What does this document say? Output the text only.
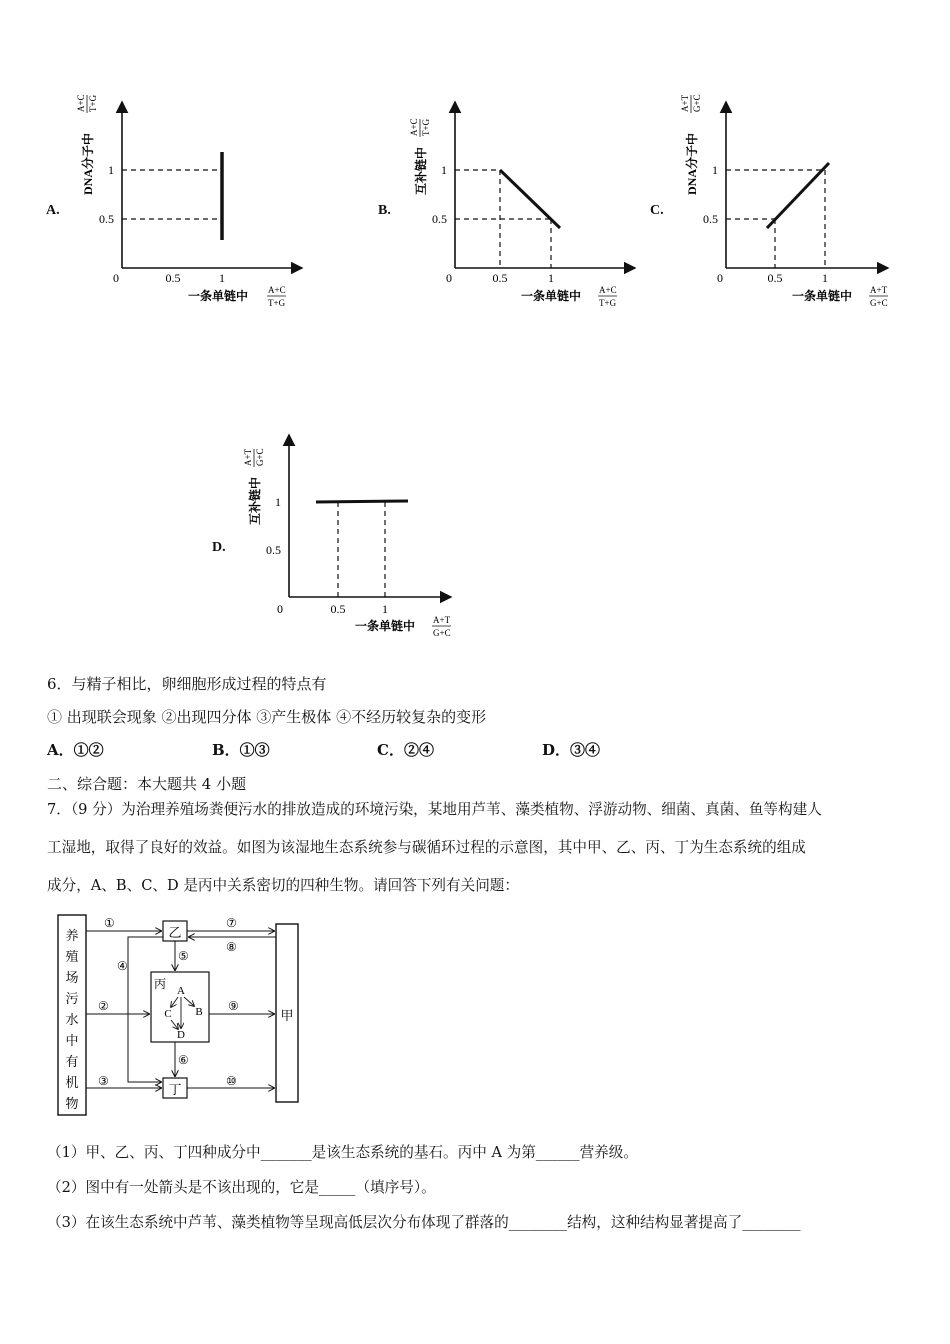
A.
1
0.5
0	0.5	1
DNA分子中
A+C T+G
一条单链中 A+C
T+G
B.
1
0.5
0	0.5	1
互补链中
A+C T+G
一条单链中 A+C
T+G
C.
1
0.5
0	0.5	1
DNA分子中
A+T G+C
一条单链中 A+T
G+C
D.
1
0.5
0	0.5	1
互补链中
A+T G+C
一条单链中 A+T
G+C
6．与精子相比，卵细胞形成过程的特点有
① 出现联会现象 ②出现四分体 ③产生极体 ④不经历较复杂的变形
A．①②	B．①③	C．②④	D．③④
二、综合题：本大题共 4 小题
7．（9 分）为治理养殖场粪便污水的排放造成的环境污染，某地用芦苇、藻类植物、浮游动物、细菌、真菌、鱼等构建人
工湿地，取得了良好的效益。如图为该湿地生态系统参与碳循环过程的示意图，其中甲、乙、丙、丁为生态系统的组成
成分，A、B、C、D 是丙中关系密切的四种生物。请回答下列有关问题：
养
殖
场
污
水
中
有
机
物
乙
丙 A
C B
D
丁
甲
①
②
③
④
⑤
⑥
⑦
⑧
⑨
⑩
（1）甲、乙、丙、丁四种成分中_______是该生态系统的基石。丙中 A 为第______营养级。
（2）图中有一处箭头是不该出现的，它是_____（填序号）。
（3）在该生态系统中芦苇、藻类植物等呈现高低层次分布体现了群落的________结构，这种结构显著提高了________
